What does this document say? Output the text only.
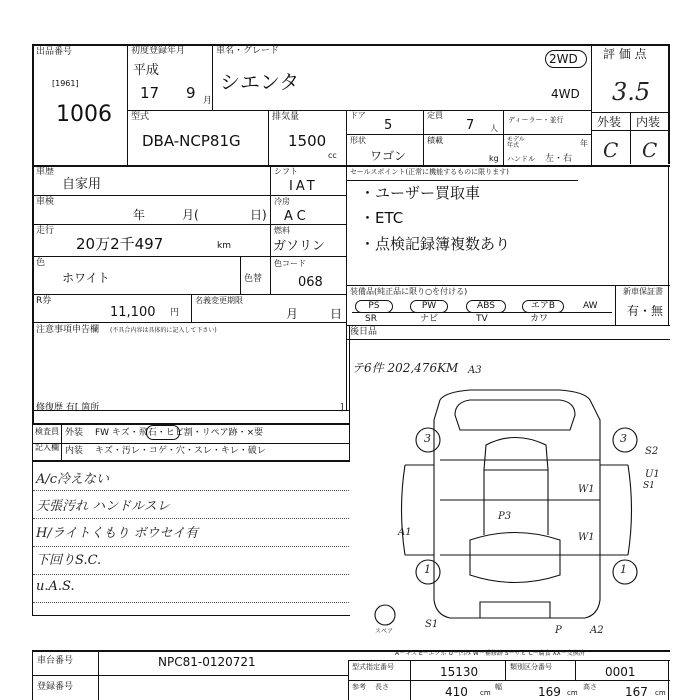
出品番号
[1961]
1006
初度登録年月
平成
17 9 月
車名・グレード
シエンタ
2WD
4WD
評 価 点
3.5
外装 内装
C C
型式
DBA-NCP81G
排気量
1500
cc
ドア
5
定員
7 人
ディーラー・並行
形状
ワゴン
積載
kg
モデル年式	年
ハンドル 左・右
車歴
自家用
車検
年	月(	日)
走行
20万2千497	km
シフト
IAT
冷房
AC
燃料
ガソリン
色
ホワイト	色替
色コード
068
R券
11,100 円
名義変更期限
月	日
セールスポイント(正常に機能するものに限ります)
・ユーザー買取車
・ETC
・点検記録簿複数あり
装備品(純正品に限り○を付ける)	新車保証書
有・無
PS	PW	ABS	エアB	AW
SR	ナビ	TV	カワ
後日品
注意事項申告欄 (不具合内容は具体的に記入して下さい)
修復歴 有[ 箇所	]
検査員
記入欄
外装 FW キズ・飛石・ヒビ割・リペア跡・×要
内装 キズ・汚レ・コゲ・穴・スレ・キレ・破レ
A/c冷えない
天張汚れ ハンドルスレ
H/ライトくもり ボウセイ有
下回りS.C.
u.A.S.
テ6件 202,476KM
3	3
1	1
A3
S2
U1
S1
W1
W1
A1
P3
S1
P	A2
スペア
A－キズ E－エクボ U－凹み W－補修跡 S－サビ C－腐食 XX－交換済
車台番号	NPC81-0120721
登録番号
型式指定番号	15130	類別区分番号	0001
参考 長さ	410 cm
幅	169 cm
高さ 167 cm
